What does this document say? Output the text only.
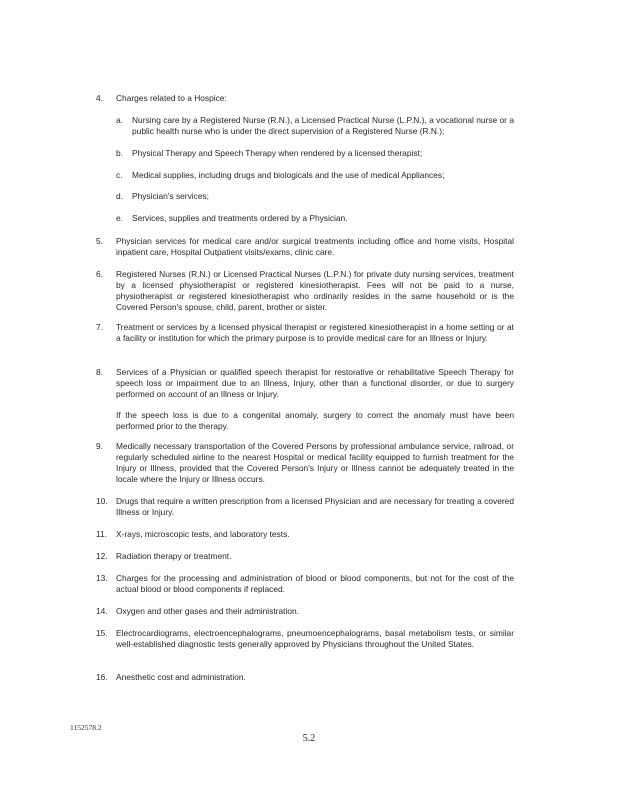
4.	Charges related to a Hospice:
a. Nursing care by a Registered Nurse (R.N.), a Licensed Practical Nurse (L.P.N.), a vocational nurse or a public health nurse who is under the direct supervision of a Registered Nurse (R.N.);
b. Physical Therapy and Speech Therapy when rendered by a licensed therapist;
c. Medical supplies, including drugs and biologicals and the use of medical Appliances;
d. Physician's services;
e. Services, supplies and treatments ordered by a Physician.
5.	Physician services for medical care and/or surgical treatments including office and home visits, Hospital inpatient care, Hospital Outpatient visits/exams, clinic care.
6.	Registered Nurses (R.N.) or Licensed Practical Nurses (L.P.N.) for private duty nursing services, treatment by a licensed physiotherapist or registered kinesiotherapist. Fees will not be paid to a nurse, physiotherapist or registered kinesiotherapist who ordinarily resides in the same household or is the Covered Person's spouse, child, parent, brother or sister.
7.	Treatment or services by a licensed physical therapist or registered kinesiotherapist in a home setting or at a facility or institution for which the primary purpose is to provide medical care for an Illness or Injury.
8.	Services of a Physician or qualified speech therapist for restorative or rehabilitative Speech Therapy for speech loss or impairment due to an Illness, Injury, other than a functional disorder, or due to surgery performed on account of an Illness or Injury.
If the speech loss is due to a congenital anomaly, surgery to correct the anomaly must have been performed prior to the therapy.
9.	Medically necessary transportation of the Covered Persons by professional ambulance service, railroad, or regularly scheduled airline to the nearest Hospital or medical facility equipped to furnish treatment for the Injury or Illness, provided that the Covered Person's Injury or Illness cannot be adequately treated in the locale where the Injury or Illness occurs.
10. Drugs that require a written prescription from a licensed Physician and are necessary for treating a covered Illness or Injury.
11.	X-rays, microscopic tests, and laboratory tests.
12. Radiation therapy or treatment.
13. Charges for the processing and administration of blood or blood components, but not for the cost of the actual blood or blood components if replaced.
14. Oxygen and other gases and their administration.
15. Electrocardiograms, electroencephalograms, pneumoencephalograms, basal metabolism tests, or similar well-established diagnostic tests generally approved by Physicians throughout the United States.
16. Anesthetic cost and administration.
1152578.2
5.2
